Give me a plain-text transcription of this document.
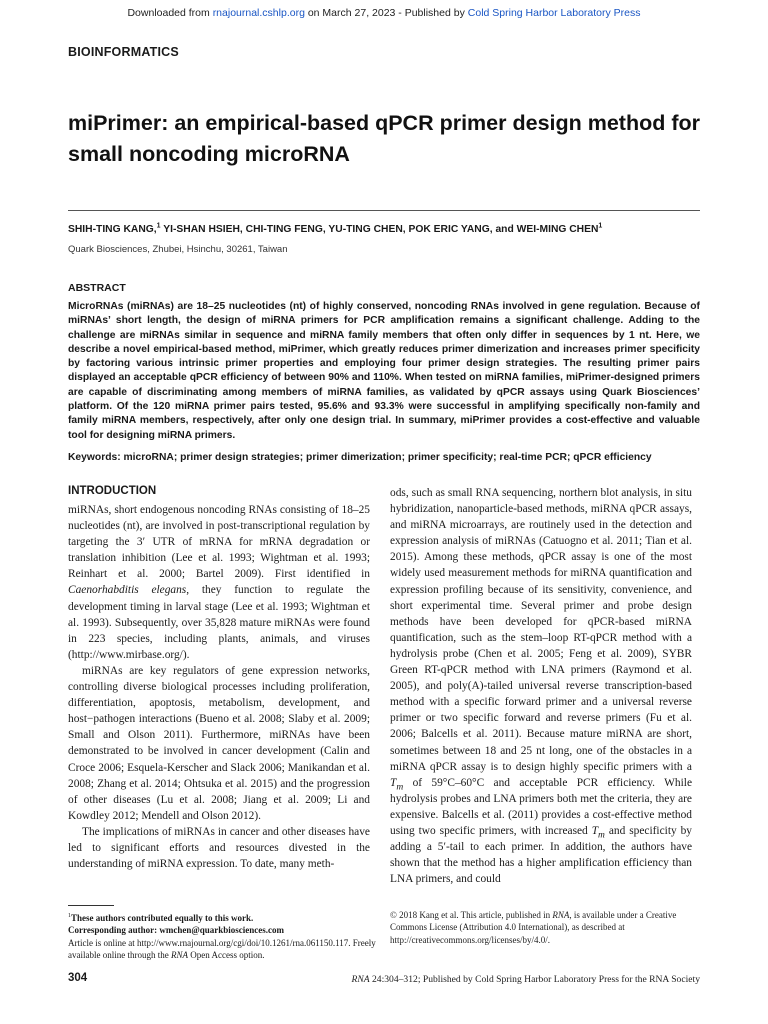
Downloaded from rnajournal.cshlp.org on March 27, 2023 - Published by Cold Spring Harbor Laboratory Press
BIOINFORMATICS
miPrimer: an empirical-based qPCR primer design method for small noncoding microRNA
SHIH-TING KANG,$^1$ YI-SHAN HSIEH, CHI-TING FENG, YU-TING CHEN, POK ERIC YANG, and WEI-MING CHEN$^1$
Quark Biosciences, Zhubei, Hsinchu, 30261, Taiwan
ABSTRACT

MicroRNAs (miRNAs) are 18–25 nucleotides (nt) of highly conserved, noncoding RNAs involved in gene regulation. Because of miRNAs’ short length, the design of miRNA primers for PCR amplification remains a significant challenge. Adding to the challenge are miRNAs similar in sequence and miRNA family members that often only differ in sequences by 1 nt. Here, we describe a novel empirical-based method, miPrimer, which greatly reduces primer dimerization and increases primer specificity by factoring various intrinsic primer properties and employing four primer design strategies. The resulting primer pairs displayed an acceptable qPCR efficiency of between 90% and 110%. When tested on miRNA families, miPrimer-designed primers are capable of discriminating among members of miRNA families, as validated by qPCR assays using Quark Biosciences’ platform. Of the 120 miRNA primer pairs tested, 95.6% and 93.3% were successful in amplifying specifically non-family and family miRNA members, respectively, after only one design trial. In summary, miPrimer provides a cost-effective and valuable tool for designing miRNA primers.

Keywords: microRNA; primer design strategies; primer dimerization; primer specificity; real-time PCR; qPCR efficiency
INTRODUCTION

miRNAs, short endogenous noncoding RNAs consisting of 18–25 nucleotides (nt), are involved in post-transcriptional regulation by targeting the 3′ UTR of mRNA for mRNA degradation or translation inhibition (Lee et al. 1993; Wightman et al. 1993; Reinhart et al. 2000; Bartel 2009). First identified in Caenorhabditis elegans, they function to regulate the development timing in larval stage (Lee et al. 1993; Wightman et al. 1993). Subsequently, over 35,828 mature miRNAs were found in 223 species, including plants, animals, and viruses (http://www.mirbase.org/).

miRNAs are key regulators of gene expression networks, controlling diverse biological processes including proliferation, differentiation, apoptosis, metabolism, development, and host−pathogen interactions (Bueno et al. 2008; Slaby et al. 2009; Small and Olson 2011). Furthermore, miRNAs have been demonstrated to be involved in cancer development (Calin and Croce 2006; Esquela-Kerscher and Slack 2006; Manikandan et al. 2008; Zhang et al. 2014; Ohtsuka et al. 2015) and the progression of other diseases (Lu et al. 2008; Jiang et al. 2009; Li and Kowdley 2012; Mendell and Olson 2012).

The implications of miRNAs in cancer and other diseases have led to significant efforts and resources divested in the understanding of miRNA expression. To date, many meth-

ods, such as small RNA sequencing, northern blot analysis, in situ hybridization, nanoparticle-based methods, miRNA qPCR assays, and miRNA microarrays, are routinely used in the detection and expression analysis of miRNAs (Catuogno et al. 2011; Tian et al. 2015). Among these methods, qPCR assay is one of the most widely used measurement methods for miRNA quantification and expression profiling because of its sensitivity, convenience, and short experimental time. Several primer and probe design methods have been developed for qPCR-based miRNA quantification, such as the stem–loop RT-qPCR method with a hydrolysis probe (Chen et al. 2005; Feng et al. 2009), SYBR Green RT-qPCR method with LNA primers (Raymond et al. 2005), and poly(A)-tailed universal reverse transcription-based method with a specific forward primer and a universal reverse primer or two specific forward and reverse primers (Fu et al. 2006; Balcells et al. 2011). Because mature miRNA are short, sometimes between 18 and 25 nt long, one of the obstacles in a miRNA qPCR assay is to design highly specific primers with a $T_m$ of 59°C–60°C and acceptable PCR efficiency. While hydrolysis probes and LNA primers both met the criteria, they are expensive. Balcells et al. (2011) provides a cost-effective method using two specific primers, with increased $T_m$ and specificity by adding a 5′-tail to each primer. In addition, the authors have shown that the method has a higher amplification efficiency than LNA primers, and could

$^1$These authors contributed equally to this work.

Corresponding author: wmchen@quarkbiosciences.com

Article is online at http://www.rnajournal.org/cgi/doi/10.1261/rna.061150.117. Freely available online through the RNA Open Access option.

© 2018 Kang et al. This article, published in RNA, is available under a Creative Commons License (Attribution 4.0 International), as described at http://creativecommons.org/licenses/by/4.0/.
304	RNA 24:304–312; Published by Cold Spring Harbor Laboratory Press for the RNA Society
